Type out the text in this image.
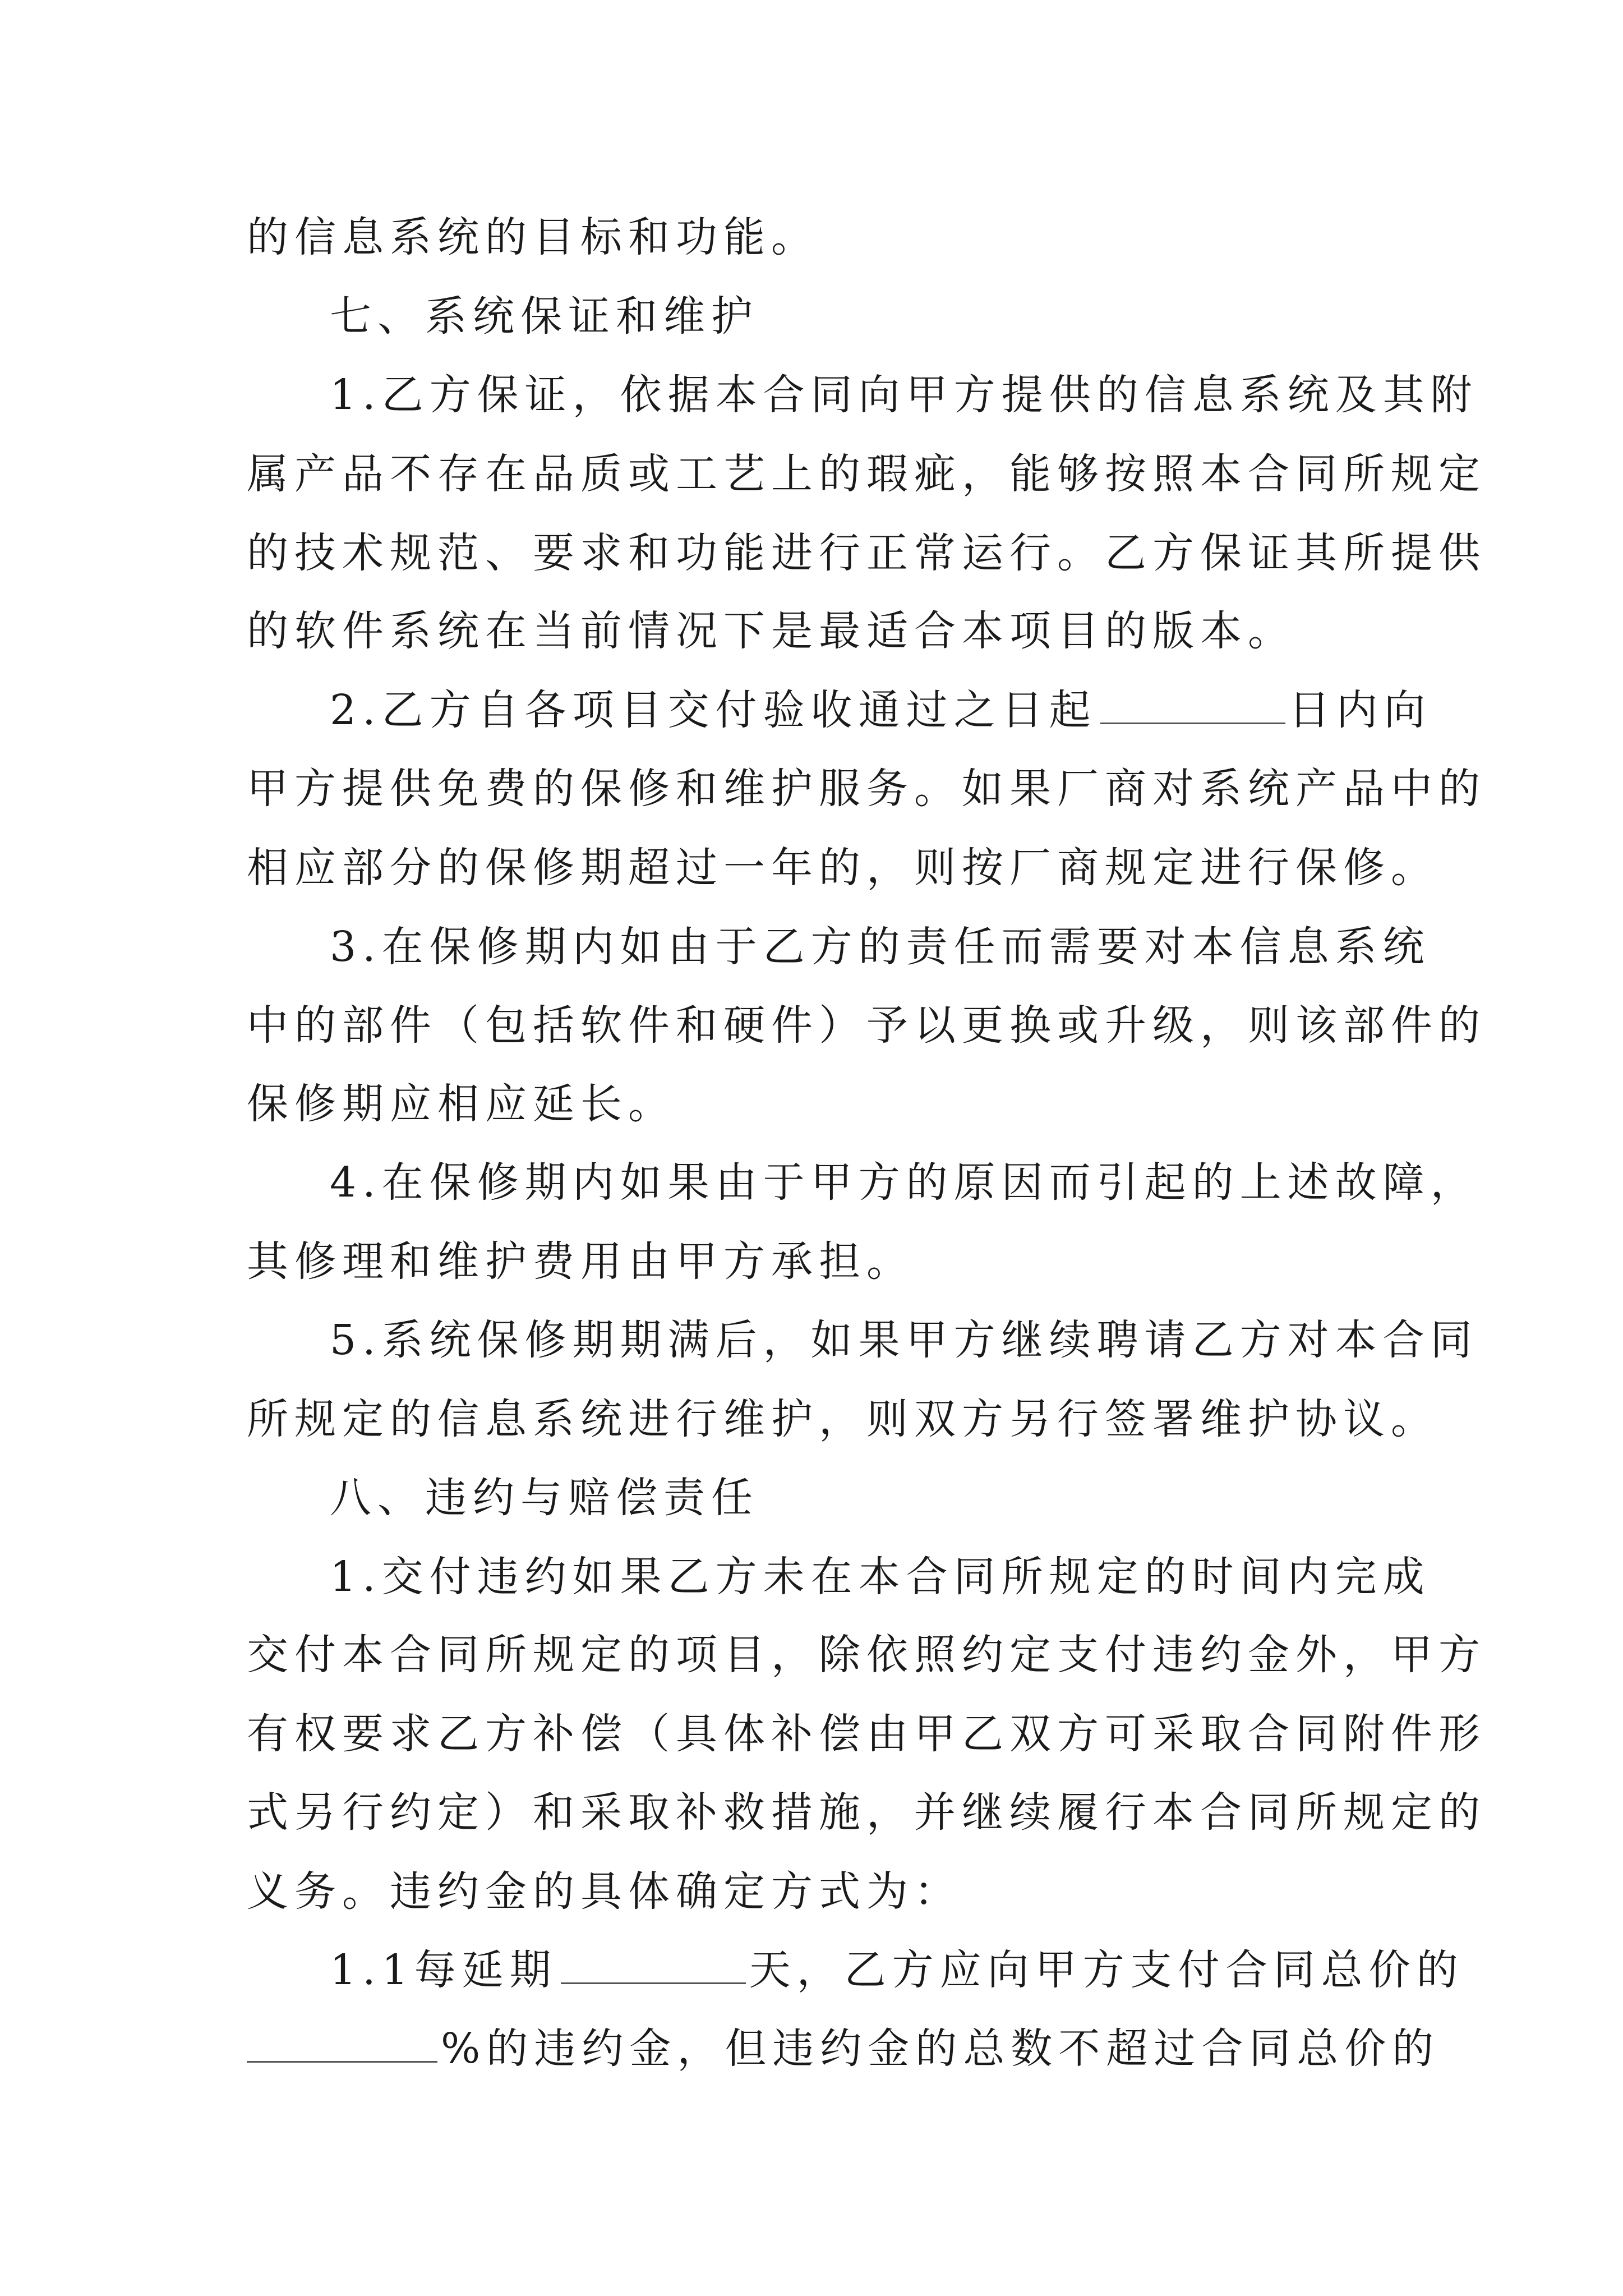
的信息系统的目标和功能。
七、系统保证和维护
1.乙方保证，依据本合同向甲方提供的信息系统及其附
属产品不存在品质或工艺上的瑕疵，能够按照本合同所规定
的技术规范、要求和功能进行正常运行。乙方保证其所提供
的软件系统在当前情况下是最适合本项目的版本。
2.乙方自各项目交付验收通过之日起	日内向
甲方提供免费的保修和维护服务。如果厂商对系统产品中的
相应部分的保修期超过一年的，则按厂商规定进行保修。
3.在保修期内如由于乙方的责任而需要对本信息系统
中的部件（包括软件和硬件）予以更换或升级，则该部件的
保修期应相应延长。
4.在保修期内如果由于甲方的原因而引起的上述故障，
其修理和维护费用由甲方承担。
5.系统保修期期满后，如果甲方继续聘请乙方对本合同
所规定的信息系统进行维护，则双方另行签署维护协议。
八、违约与赔偿责任
1.交付违约如果乙方未在本合同所规定的时间内完成
交付本合同所规定的项目，除依照约定支付违约金外，甲方
有权要求乙方补偿（具体补偿由甲乙双方可采取合同附件形
式另行约定）和采取补救措施，并继续履行本合同所规定的
义务。违约金的具体确定方式为：
1.1每延期	天，乙方应向甲方支付合同总价的
%的违约金，但违约金的总数不超过合同总价的
